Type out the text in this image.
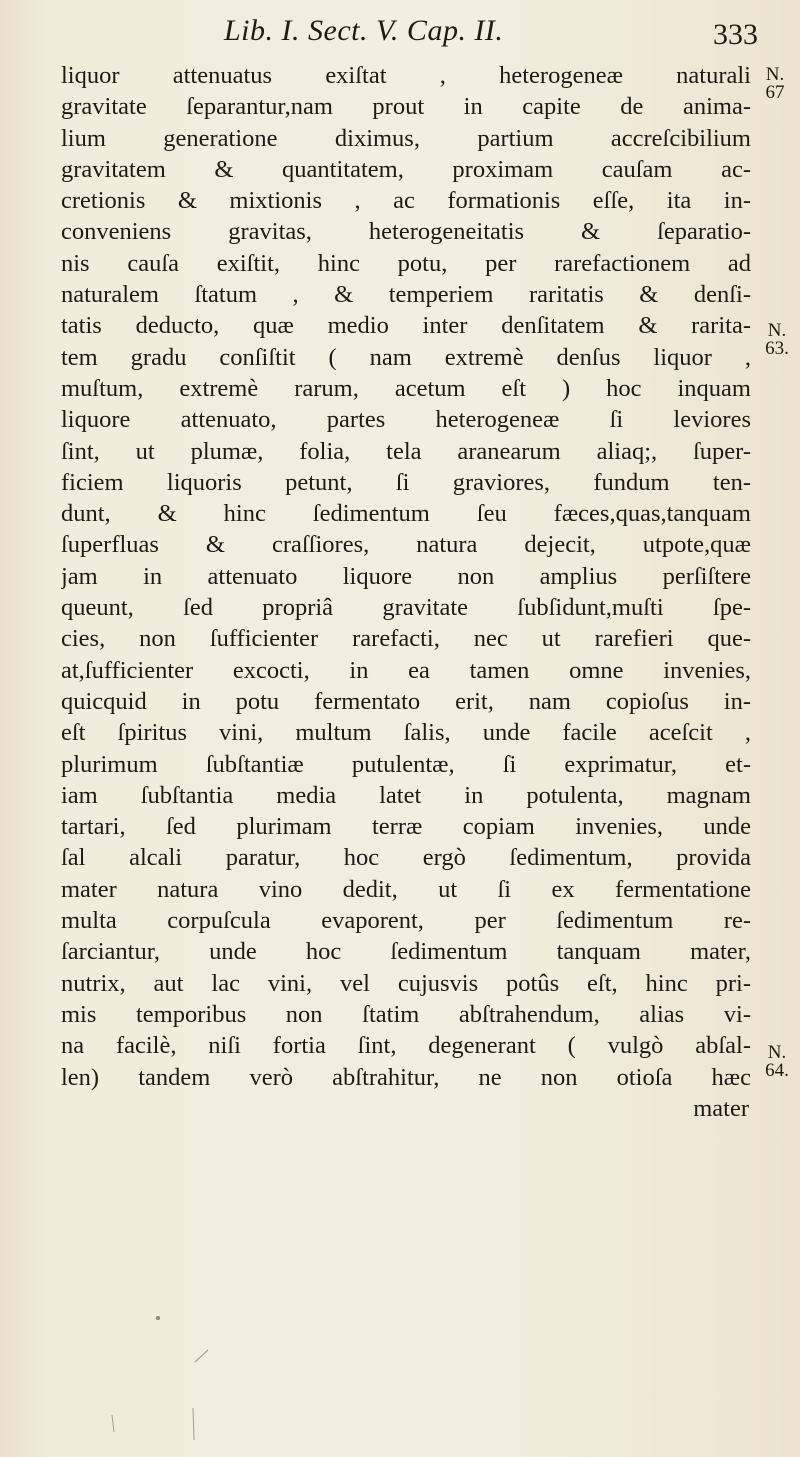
Lib. I. Sect. V. Cap. II.	333
liquor attenuatus exiſtat , heterogeneæ naturali
gravitate ſeparantur,nam prout in capite de anima-
lium generatione diximus, partium accreſcibilium
gravitatem & quantitatem, proximam cauſam ac-
cretionis & mixtionis , ac formationis eſſe, ita in-
conveniens gravitas, heterogeneitatis & ſeparatio-
nis cauſa exiſtit, hinc potu, per rarefactionem ad
naturalem ſtatum , & temperiem raritatis & denſi-
tatis deducto, quæ medio inter denſitatem & rarita-
tem gradu conſiſtit ( nam extremè denſus liquor ,
muſtum, extremè rarum, acetum eſt ) hoc inquam
liquore attenuato, partes heterogeneæ ſi leviores
ſint, ut plumæ, folia, tela aranearum aliaq;, ſuper-
ficiem liquoris petunt, ſi graviores, fundum ten-
dunt, & hinc ſedimentum ſeu fæces,quas,tanquam
ſuperfluas & craſſiores, natura dejecit, utpote,quæ
jam in attenuato liquore non amplius perſiſtere
queunt, ſed propriâ gravitate ſubſidunt,muſti ſpe-
cies, non ſufficienter rarefacti, nec ut rarefieri que-
at,ſufficienter excocti, in ea tamen omne invenies,
quicquid in potu fermentato erit, nam copioſus in-
eſt ſpiritus vini, multum ſalis, unde facile aceſcit ,
plurimum ſubſtantiæ putulentæ, ſi exprimatur, et-
iam ſubſtantia media latet in potulenta, magnam
tartari, ſed plurimam terræ copiam invenies, unde
ſal alcali paratur, hoc ergò ſedimentum, provida
mater natura vino dedit, ut ſi ex fermentatione
multa corpuſcula evaporent, per ſedimentum re-
ſarciantur, unde hoc ſedimentum tanquam mater,
nutrix, aut lac vini, vel cujusvis potûs eſt, hinc pri-
mis temporibus non ſtatim abſtrahendum, alias vi-
na facilè, niſi fortia ſint, degenerant ( vulgò abſal-
len) tandem verò abſtrahitur, ne non otioſa hæc
mater
N.
67
N.
63.
N.
64.
